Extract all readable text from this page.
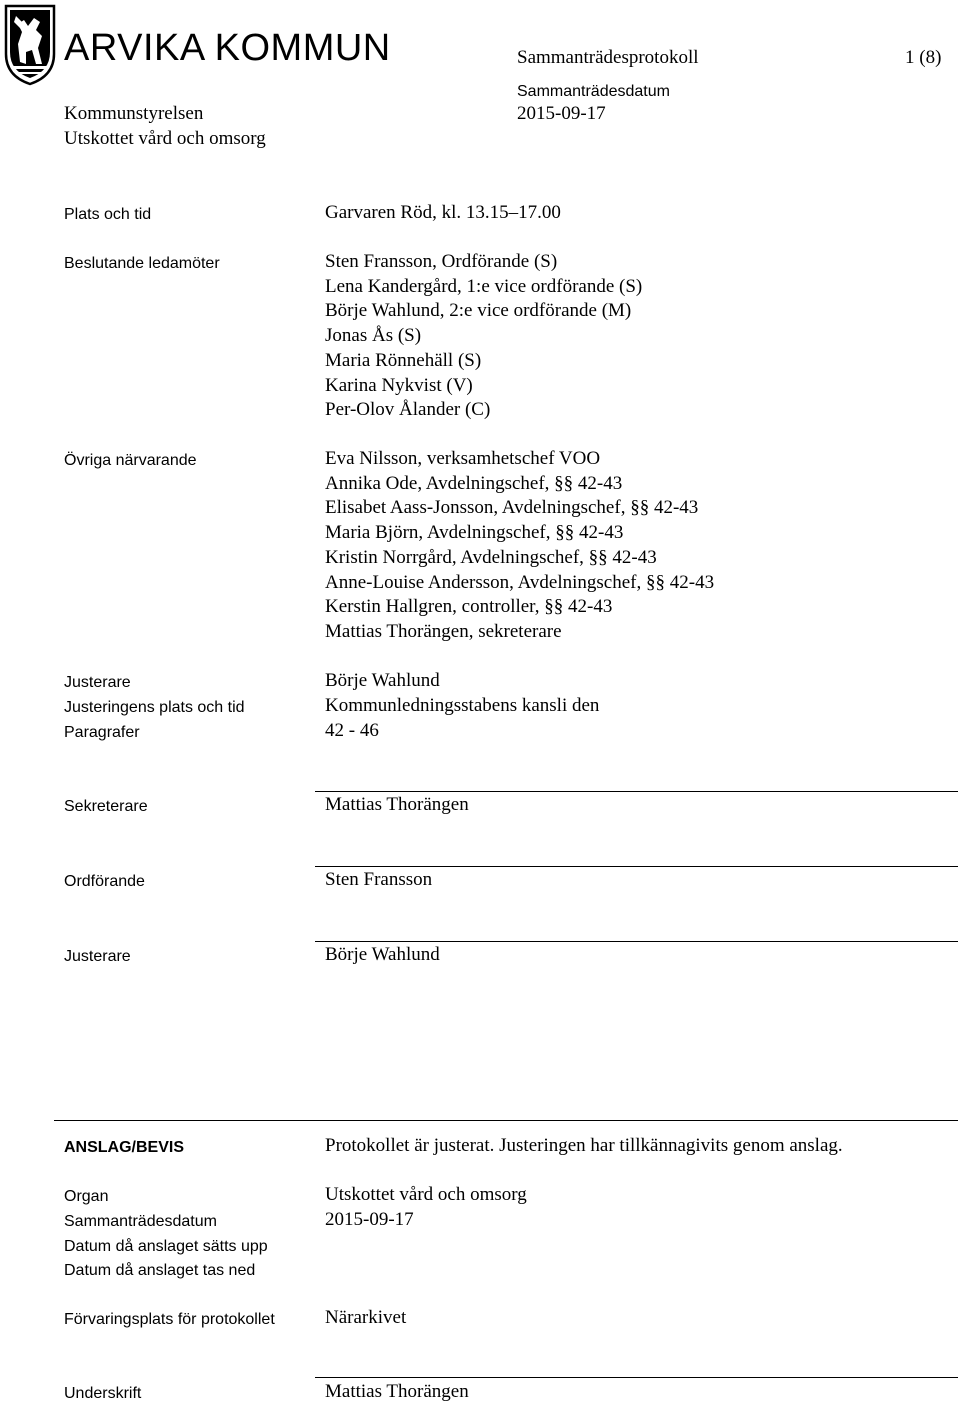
ARVIKA KOMMUN	Sammanträdesprotokoll	1 (8)
Sammanträdesdatum
Kommunstyrelsen	2015-09-17
Utskottet vård och omsorg
Plats och tid	Garvaren Röd, kl. 13.15–17.00
Beslutande ledamöter	Sten Fransson, Ordförande (S)
Lena Kandergård, 1:e vice ordförande (S)
Börje Wahlund, 2:e vice ordförande (M)
Jonas Ås (S)
Maria Rönnehäll (S)
Karina Nykvist (V)
Per-Olov Ålander (C)
Övriga närvarande	Eva Nilsson, verksamhetschef VOO
Annika Ode, Avdelningschef, §§ 42-43
Elisabet Aass-Jonsson, Avdelningschef, §§ 42-43
Maria Björn, Avdelningschef, §§ 42-43
Kristin Norrgård, Avdelningschef, §§ 42-43
Anne-Louise Andersson, Avdelningschef, §§ 42-43
Kerstin Hallgren, controller, §§ 42-43
Mattias Thorängen, sekreterare
Justerare	Börje Wahlund
Justeringens plats och tid	Kommunledningsstabens kansli den
Paragrafer	42 - 46
Sekreterare	Mattias Thorängen
Ordförande	Sten Fransson
Justerare	Börje Wahlund
ANSLAG/BEVIS	Protokollet är justerat. Justeringen har tillkännagivits genom anslag.
Organ	Utskottet vård och omsorg
Sammanträdesdatum	2015-09-17
Datum då anslaget sätts upp
Datum då anslaget tas ned
Förvaringsplats för protokollet	Närarkivet
Underskrift	Mattias Thorängen
